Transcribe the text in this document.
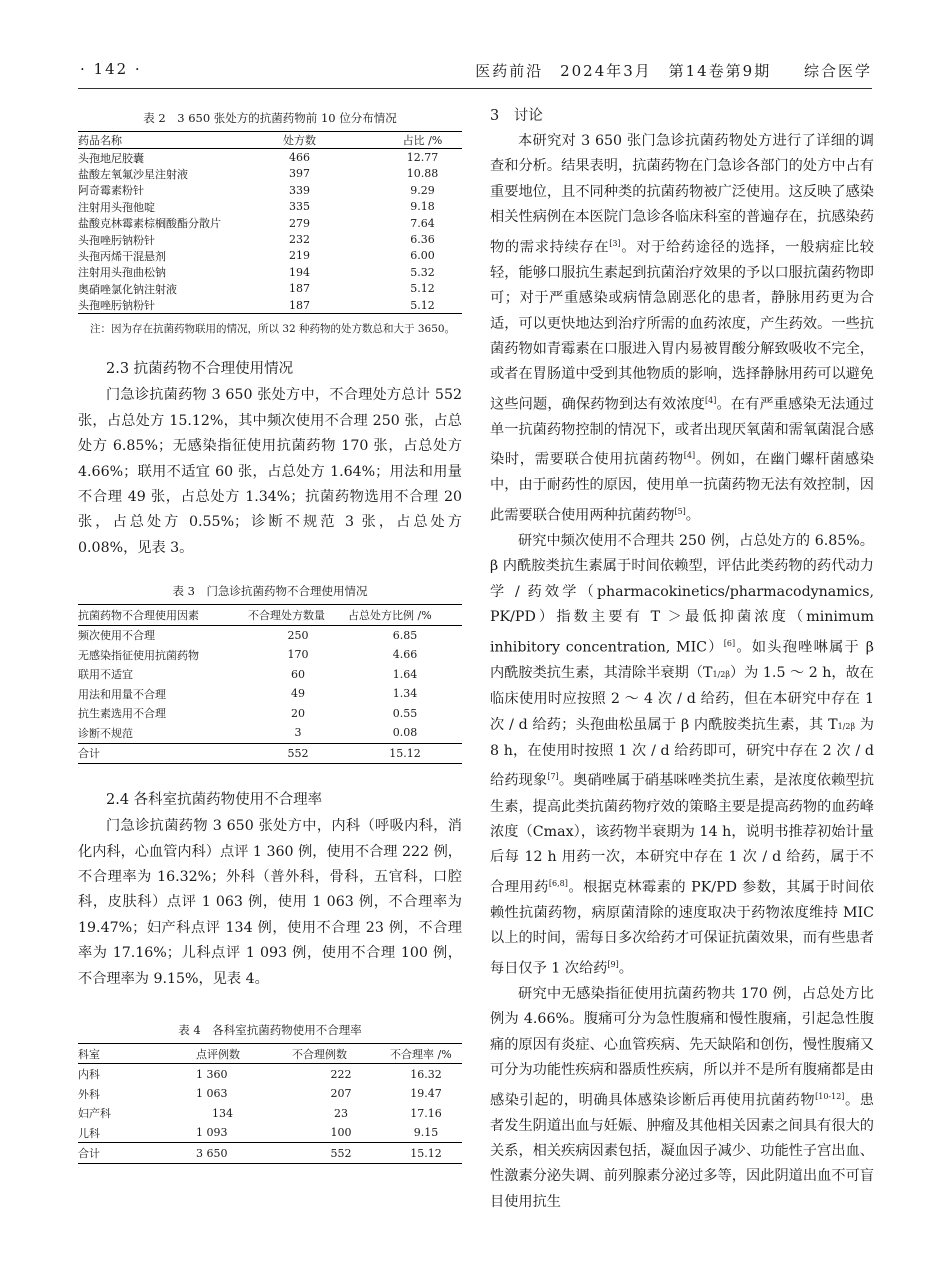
· 142 ·	医药前沿 2024年3月 第14卷第9期 综合医学
表 2　3 650 张处方的抗菌药物前 10 位分布情况
药品名称	处方数	占比 /%
头孢地尼胶囊	466	12.77
盐酸左氧氟沙星注射液	397	10.88
阿奇霉素粉针	339	9.29
注射用头孢他啶	335	9.18
盐酸克林霉素棕榈酸酯分散片	279	7.64
头孢唑肟钠粉针	232	6.36
头孢丙烯干混悬剂	219	6.00
注射用头孢曲松钠	194	5.32
奥硝唑氯化钠注射液	187	5.12
头孢唑肟钠粉针	187	5.12

注：因为存在抗菌药物联用的情况，所以 32 种药物的处方数总和大于 3650。

2.3 抗菌药物不合理使用情况

门急诊抗菌药物 3 650 张处方中，不合理处方总计 552 张，占总处方 15.12%，其中频次使用不合理 250 张，占总处方 6.85%；无感染指征使用抗菌药物 170 张，占总处方 4.66%；联用不适宜 60 张，占总处方 1.64%；用法和用量不合理 49 张，占总处方 1.34%；抗菌药物选用不合理 20 张，占总处方 0.55%；诊断不规范 3 张，占总处方 0.08%，见表 3。

表 3　门急诊抗菌药物不合理使用情况
抗菌药物不合理使用因素	不合理处方数量	占总处方比例 /%
频次使用不合理	250	6.85
无感染指征使用抗菌药物	170	4.66
联用不适宜	60	1.64
用法和用量不合理	49	1.34
抗生素选用不合理	20	0.55
诊断不规范	3	0.08
合计	552	15.12
2.4 各科室抗菌药物使用不合理率

门急诊抗菌药物 3 650 张处方中，内科（呼吸内科，消化内科，心血管内科）点评 1 360 例，使用不合理 222 例，不合理率为 16.32%；外科（普外科，骨科，五官科，口腔科，皮肤科）点评 1 063 例，使用 1 063 例，不合理率为 19.47%；妇产科点评 134 例，使用不合理 23 例，不合理率为 17.16%；儿科点评 1 093 例，使用不合理 100 例，不合理率为 9.15%，见表 4。

表 4　各科室抗菌药物使用不合理率
科室	点评例数	不合理例数	不合理率 /%
内科	1 360	222	16.32
外科	1 063	207	19.47
妇产科	134	23	17.16
儿科	1 093	100	9.15
合计	3 650	552	15.12
3　讨论

本研究对 3 650 张门急诊抗菌药物处方进行了详细的调查和分析。结果表明，抗菌药物在门急诊各部门的处方中占有重要地位，且不同种类的抗菌药物被广泛使用。这反映了感染相关性病例在本医院门急诊各临床科室的普遍存在，抗感染药物的需求持续存在[3]。对于给药途径的选择，一般病症比较轻，能够口服抗生素起到抗菌治疗效果的予以口服抗菌药物即可；对于严重感染或病情急剧恶化的患者，静脉用药更为合适，可以更快地达到治疗所需的血药浓度，产生药效。一些抗菌药物如青霉素在口服进入胃内易被胃酸分解致吸收不完全，或者在胃肠道中受到其他物质的影响，选择静脉用药可以避免这些问题，确保药物到达有效浓度[4]。在有严重感染无法通过单一抗菌药物控制的情况下，或者出现厌氧菌和需氧菌混合感染时，需要联合使用抗菌药物[4]。例如，在幽门螺杆菌感染中，由于耐药性的原因，使用单一抗菌药物无法有效控制，因此需要联合使用两种抗菌药物[5]。

研究中频次使用不合理共 250 例，占总处方的 6.85%。β 内酰胺类抗生素属于时间依赖型，评估此类药物的药代动力学 / 药效学（pharmacokinetics/pharmacodynamics, PK/PD）指数主要有 T ＞最低抑菌浓度（minimum inhibitory concentration, MIC）[6]。如头孢唑啉属于 β 内酰胺类抗生素，其清除半衰期（T1/2β）为 1.5 ～ 2 h，故在临床使用时应按照 2 ～ 4 次 / d 给药，但在本研究中存在 1 次 / d 给药；头孢曲松虽属于 β 内酰胺类抗生素，其 T1/2β 为 8 h，在使用时按照 1 次 / d 给药即可，研究中存在 2 次 / d 给药现象[7]。奥硝唑属于硝基咪唑类抗生素，是浓度依赖型抗生素，提高此类抗菌药物疗效的策略主要是提高药物的血药峰浓度（Cmax），该药物半衰期为 14 h，说明书推荐初始计量后每 12 h 用药一次，本研究中存在 1 次 / d 给药，属于不合理用药[6,8]。根据克林霉素的 PK/PD 参数，其属于时间依赖性抗菌药物，病原菌清除的速度取决于药物浓度维持 MIC 以上的时间，需每日多次给药才可保证抗菌效果，而有些患者每日仅予 1 次给药[9]。

研究中无感染指征使用抗菌药物共 170 例，占总处方比例为 4.66%。腹痛可分为急性腹痛和慢性腹痛，引起急性腹痛的原因有炎症、心血管疾病、先天缺陷和创伤，慢性腹痛又可分为功能性疾病和器质性疾病，所以并不是所有腹痛都是由感染引起的，明确具体感染诊断后再使用抗菌药物[10-12]。患者发生阴道出血与妊娠、肿瘤及其他相关因素之间具有很大的关系，相关疾病因素包括，凝血因子减少、功能性子宫出血、性激素分泌失调、前列腺素分泌过多等，因此阴道出血不可盲目使用抗生
